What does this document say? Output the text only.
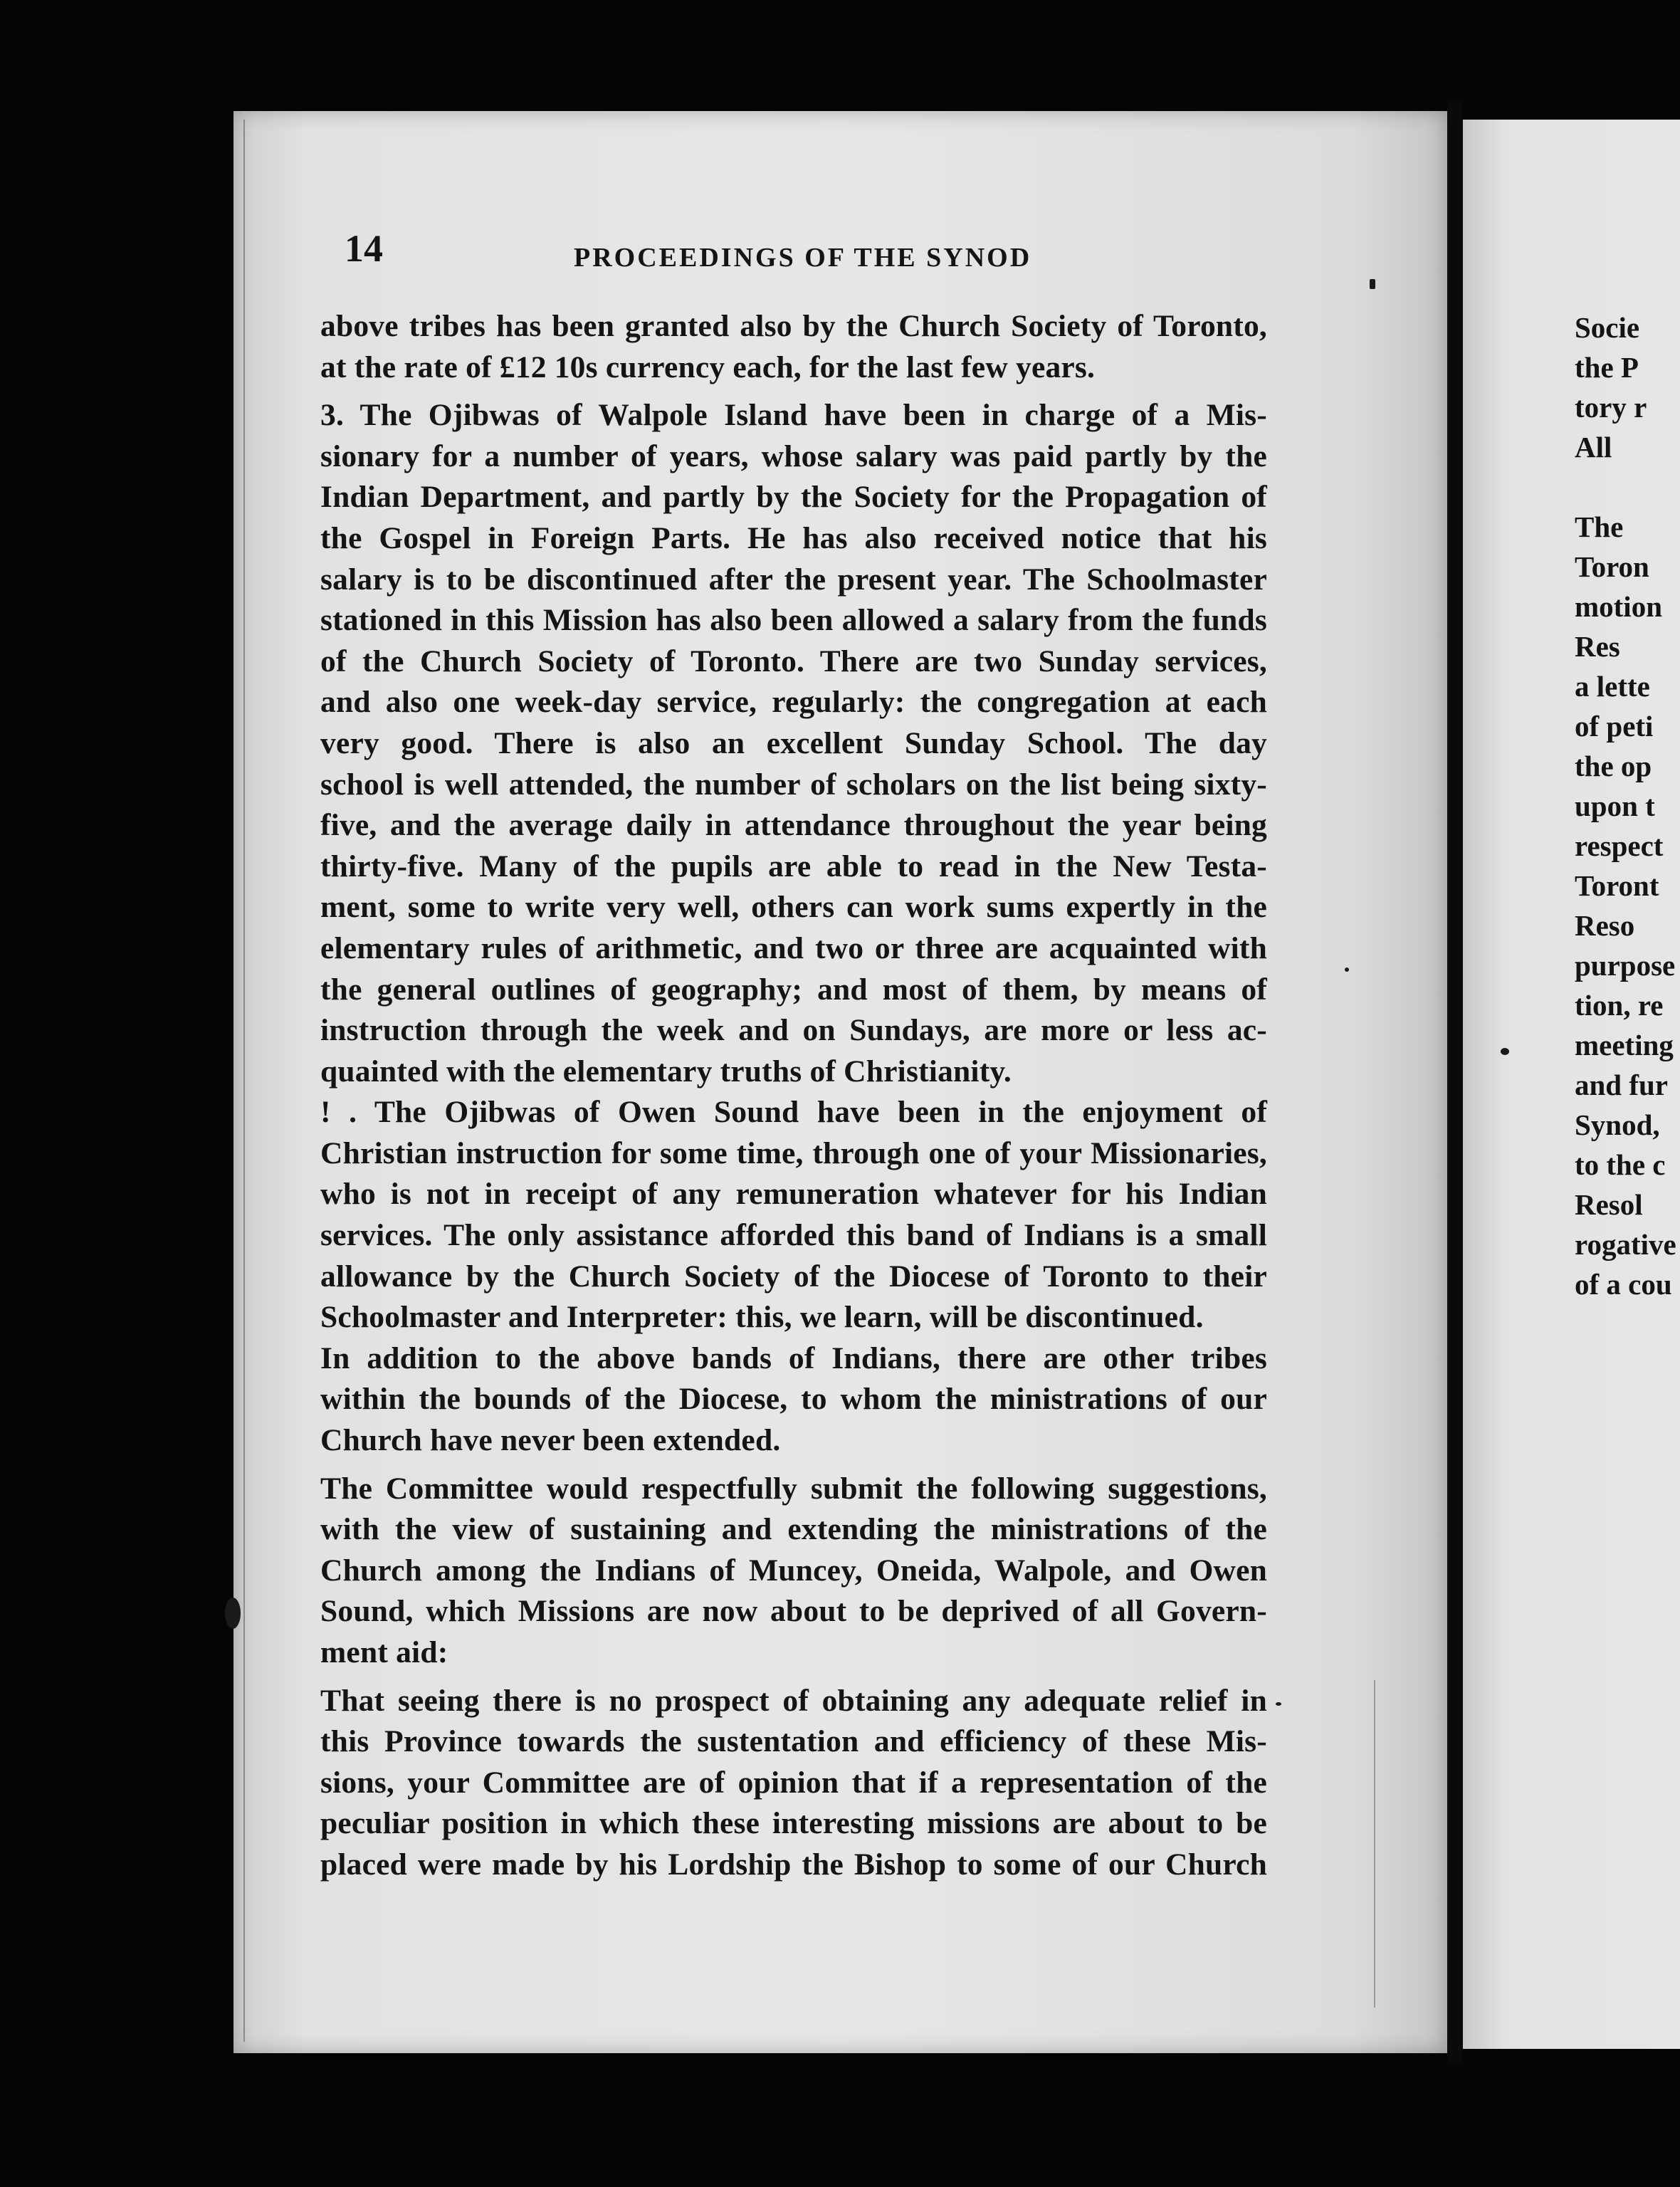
14	PROCEEDINGS OF THE SYNOD
above tribes has been granted also by the Church Society of Toronto,
at the rate of £12 10s currency each, for the last few years.
3. The Ojibwas of Walpole Island have been in charge of a Mis-
sionary for a number of years, whose salary was paid partly by the
Indian Department, and partly by the Society for the Propagation of
the Gospel in Foreign Parts. He has also received notice that his
salary is to be discontinued after the present year. The Schoolmaster
stationed in this Mission has also been allowed a salary from the funds
of the Church Society of Toronto. There are two Sunday services,
and also one week-day service, regularly: the congregation at each
very good. There is also an excellent Sunday School. The day
school is well attended, the number of scholars on the list being sixty-
five, and the average daily in attendance throughout the year being
thirty-five. Many of the pupils are able to read in the New Testa-
ment, some to write very well, others can work sums expertly in the
elementary rules of arithmetic, and two or three are acquainted with
the general outlines of geography; and most of them, by means of
instruction through the week and on Sundays, are more or less ac-
quainted with the elementary truths of Christianity.
! . The Ojibwas of Owen Sound have been in the enjoyment of
Christian instruction for some time, through one of your Missionaries,
who is not in receipt of any remuneration whatever for his Indian
services. The only assistance afforded this band of Indians is a small
allowance by the Church Society of the Diocese of Toronto to their
Schoolmaster and Interpreter: this, we learn, will be discontinued.
In addition to the above bands of Indians, there are other tribes
within the bounds of the Diocese, to whom the ministrations of our
Church have never been extended.
The Committee would respectfully submit the following suggestions,
with the view of sustaining and extending the ministrations of the
Church among the Indians of Muncey, Oneida, Walpole, and Owen
Sound, which Missions are now about to be deprived of all Govern-
ment aid:
That seeing there is no prospect of obtaining any adequate relief in
this Province towards the sustentation and efficiency of these Mis-
sions, your Committee are of opinion that if a representation of the
peculiar position in which these interesting missions are about to be
placed were made by his Lordship the Bishop to some of our Church
Socie
the P
tory r
All
The
Toron
motion
Res
a lette
of peti
the op
upon t
respect
Toront
Reso
purpose
tion, re
meeting
and fur
Synod,
to the c
Resol
rogative
of a cou
